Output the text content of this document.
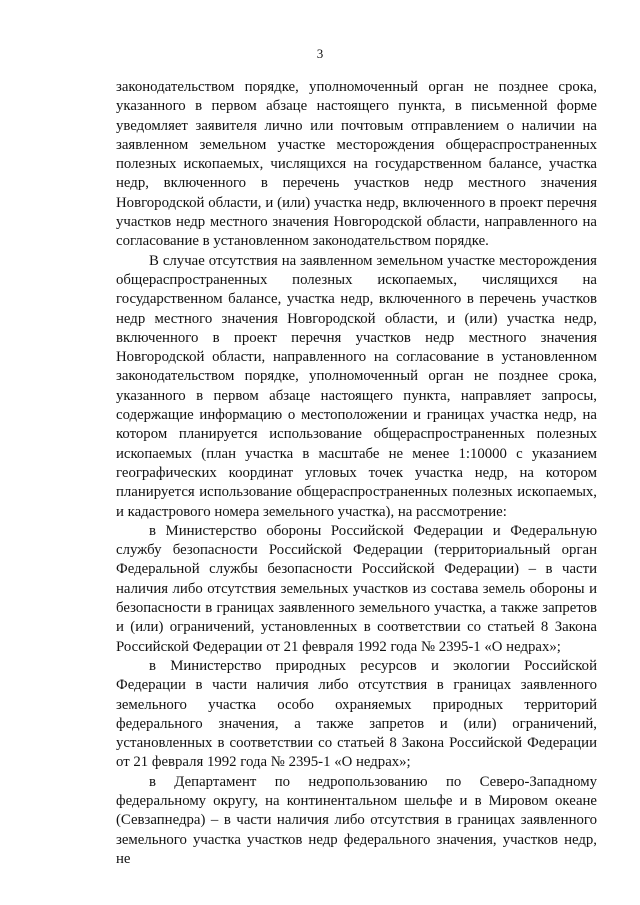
3

законодательством порядке, уполномоченный орган не позднее срока, указанного в первом абзаце настоящего пункта, в письменной форме уведомляет заявителя лично или почтовым отправлением о наличии на заявленном земельном участке месторождения общераспространенных полезных ископаемых, числящихся на государственном балансе, участка недр, включенного в перечень участков недр местного значения Новгородской области, и (или) участка недр, включенного в проект перечня участков недр местного значения Новгородской области, направленного на согласование в установленном законодательством порядке.

В случае отсутствия на заявленном земельном участке месторождения общераспространенных полезных ископаемых, числящихся на государственном балансе, участка недр, включенного в перечень участков недр местного значения Новгородской области, и (или) участка недр, включенного в проект перечня участков недр местного значения Новгородской области, направленного на согласование в установленном законодательством порядке, уполномоченный орган не позднее срока, указанного в первом абзаце настоящего пункта, направляет запросы, содержащие информацию о местоположении и границах участка недр, на котором планируется использование общераспространенных полезных ископаемых (план участка в масштабе не менее 1:10000 с указанием географических координат угловых точек участка недр, на котором планируется использование общераспространенных полезных ископаемых, и кадастрового номера земельного участка), на рассмотрение:

в Министерство обороны Российской Федерации и Федеральную службу безопасности Российской Федерации (территориальный орган Федеральной службы безопасности Российской Федерации) – в части наличия либо отсутствия земельных участков из состава земель обороны и безопасности в границах заявленного земельного участка, а также запретов и (или) ограничений, установленных в соответствии со статьей 8 Закона Российской Федерации от 21 февраля 1992 года № 2395-1 «О недрах»;

в Министерство природных ресурсов и экологии Российской Федерации в части наличия либо отсутствия в границах заявленного земельного участка особо охраняемых природных территорий федерального значения, а также запретов и (или) ограничений, установленных в соответствии со статьей 8 Закона Российской Федерации от 21 февраля 1992 года № 2395-1 «О недрах»;

в Департамент по недропользованию по Северо-Западному федеральному округу, на континентальном шельфе и в Мировом океане (Севзапнедра) – в части наличия либо отсутствия в границах заявленного земельного участка участков недр федерального значения, участков недр, не
